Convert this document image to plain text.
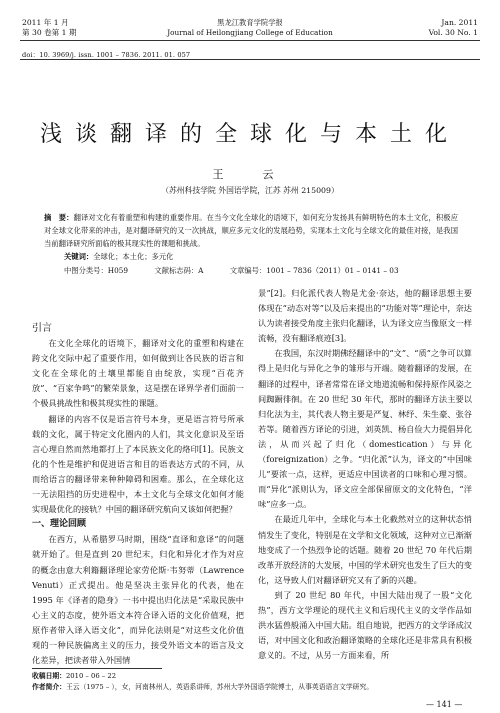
2011 年 1 月
第 30 卷第 1 期
黑龙江教育学院学报
Journal of Heilongjiang College of Education
Jan. 2011
Vol. 30 No. 1
doi：10. 3969/j. issn. 1001 – 7836. 2011. 01. 057
浅谈翻译的全球化与本土化
王　云
（苏州科技学院 外国语学院，江苏 苏州 215009）
摘　要：翻译对文化有着重塑和构建的重要作用。在当今文化全球化的语境下，如何充分发扬具有鲜明特色的本土文化，积极应对全球文化带来的冲击，是对翻译研究的又一次挑战，顺应多元文化的发展趋势，实现本土文化与全球文化的最佳对接，是我国当前翻译研究所面临的极其现实性的课题和挑战。
关键词：全球化；本土化；多元化
中图分类号：H059	文献标志码：A	文章编号：1001 – 7836（2011）01 – 0141 – 03

引言

在文化全球化的语境下，翻译对文化的重塑和构建在跨文化交际中起了重要作用，如何做到让各民族的语言和文化在全球化的土壤里都能自由绽放，实现“百花齐放”、“百家争鸣”的繁荣景象，这是摆在译界学者们面前一个极具挑战性和极其现实性的课题。

翻译的内容不仅是语言符号本身，更是语言符号所承载的文化，属于特定文化圈内的人们，其文化意识及至语言心理自然而然地都打上了本民族文化的烙印[1]。民族文化的个性是维护和促进语言和目的语表达方式的不同，从而给语言的翻译带来种种障碍和困难。那么，在全球化这一无法阻挡的历史进程中，本土文化与全球文化如何才能实现最优化的接轨？中国的翻译研究航向又该如何把握？

一、理论回顾

在西方，从希腊罗马时期，围绕“直译和意译”的问题就开始了。但是直到 20 世纪末，归化和异化才作为对应的概念由意大利籍翻译理论家劳伦斯·韦努蒂（Lawrence Venuti）正式提出。他是坚决主张异化的代表，他在 1995 年《译者的隐身》一书中提出归化法是“采取民族中心主义的态度，使外语文本符合译入语的文化价值观，把原作者带入译入语文化”，而异化法则是“对这些文化价值观的一种民族偏离主义的压力，接受外语文本的语言及文化差异，把读者带入外国情

景”[2]。归化派代表人物是尤金·奈达，他的翻译思想主要体现在“动态对等”以及后来提出的“功能对等”理论中，奈达认为读者接受角度主张归化翻译，认为译文应当像原文一样流畅，没有翻译痕迹[3]。

在我国，东汉时期佛经翻译中的“文”、“质”之争可以算得上是归化与异化之争的雏形与开端。随着翻译的发展，在翻译的过程中，译者常常在译文地道流畅和保持原作风姿之间踟蹰徘徊。在 20 世纪 30 年代，那时的翻译方法主要以归化法为主，其代表人物主要是严复、林纾、朱生豪、张谷若等。随着西方译论的引进，刘英凯、杨自俭大力提倡异化法，从而兴起了归化（domestication）与异化（foreignization）之争。“归化派”认为，译文的“中国味儿”要浓一点，这样，更适应中国读者的口味和心理习惯。而“异化”派则认为，译文应全部保留原文的文化特色，“洋味”应多一点。

在最近几年中，全球化与本土化截然对立的这种状态悄悄发生了变化，特别是在文学和文化领域，这种对立已渐渐地变成了一个热烈争论的话题。随着 20 世纪 70 年代后期改革开放经济的大发展，中国的学术研究也发生了巨大的变化，这导致人们对翻译研究又有了新的兴趣。

到了 20 世纪 80 年代，中国大陆出现了一股“文化热”，西方文学理论的现代主义和后现代主义的文学作品如洪水猛兽般涌入中国大陆。组自地说，把西方的文学译成汉语，对中国文化和政治翻译策略的全球化还是非常具有积极意义的。不过，从另一方面来看，所

收稿日期：2010 – 06 – 22
作者简介：王云（1975 – ），女，河南林州人，英语系讲师，苏州大学外国语学院博士，从事英语语言文学研究。
— 141 —
